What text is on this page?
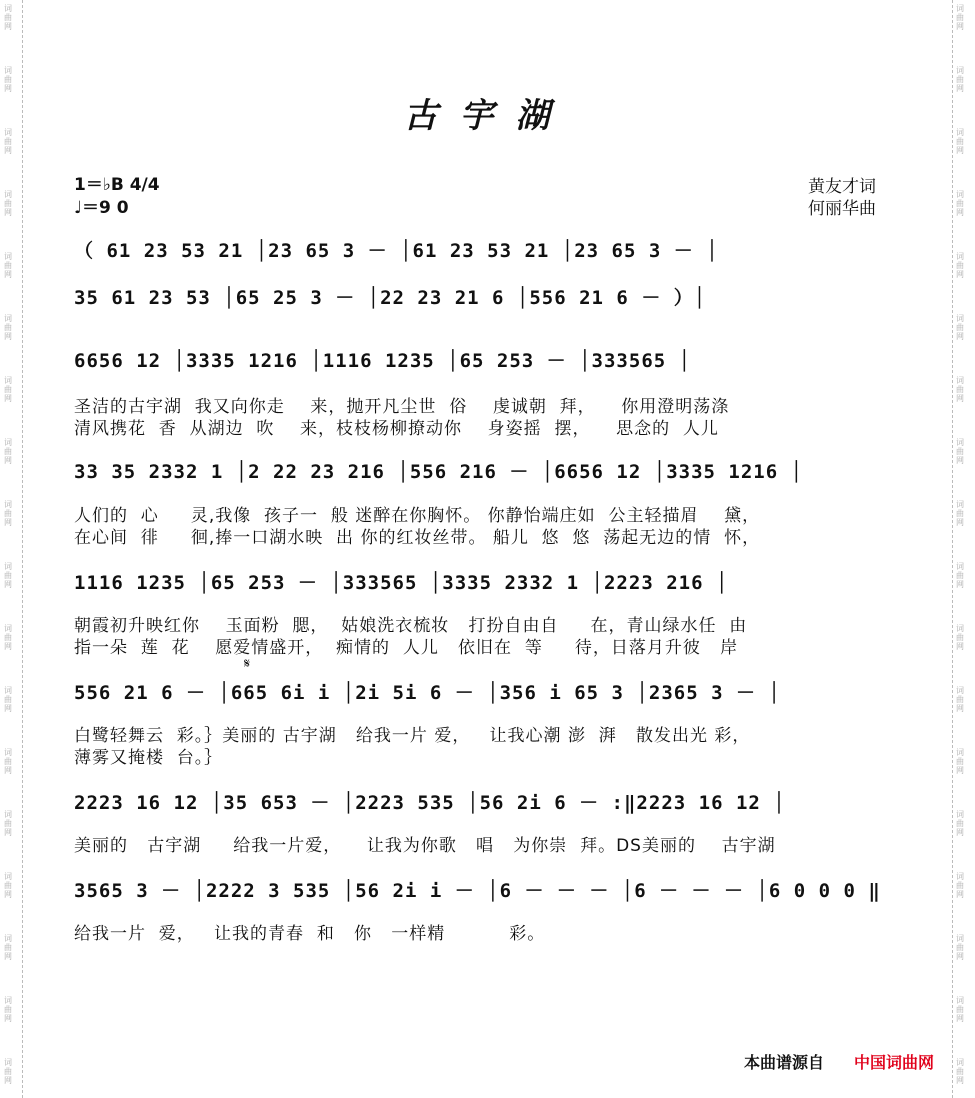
古宇湖
1＝♭B 4/4
♩＝9 0
黄友才词
何丽华曲
（ 61 23 53 21 │23 65 3 － │61 23 53 21 │23 65 3 － │
35 61 23 53 │65 25 3 － │22 23 21 6 │556 21 6 － ）│
6656 12 │3335 1216 │1116 1235 │65 253 － │333565 │
圣洁的古宇湖  我又向你走    来，抛开凡尘世  俗    虔诚朝  拜，    你用澄明荡涤
清风携花  香  从湖边  吹    来，枝枝杨柳撩动你    身姿摇  摆，    思念的  人儿
33 35 2332 1 │2 22 23 216 │556 216 － │6656 12 │3335 1216 │
人们的  心     灵,我像  孩子一  般 迷醉在你胸怀。 你静怡端庄如  公主轻描眉    黛，
在心间  徘     徊,捧一口湖水映  出 你的红妆丝带。 船儿  悠  悠  荡起无边的情  怀，
1116 1235 │65 253 － │333565 │3335 2332 1 │2223 216 │
朝霞初升映红你    玉面粉  腮，  姑娘洗衣梳妆   打扮自由自     在，青山绿水任  由
指一朵  莲  花    愿爱情盛开，  痴情的  人儿   依旧在  等     待，日落月升彼   岸
𝄋
556 21 6 － │665 6i i │2i 5i 6 － │356 i 65 3 │2365 3 － │
白鹭轻舞云  彩。｝美丽的 古宇湖   给我一片 爱，   让我心潮 澎  湃   散发出光 彩，
薄雾又掩楼  台。｝
2223 16 12 │35 653 － │2223 535 │56 2i 6 － :‖2223 16 12 │
美丽的   古宇湖     给我一片爱，    让我为你歌   唱   为你崇  拜。DS美丽的    古宇湖
3565 3 － │2222 3 535 │56 2i i － │6 － － － │6 － － － │6 0 0 0 ‖
给我一片  爱，   让我的青春  和   你   一样精          彩。
本曲谱源自 中国词曲网
词
曲
网
词
曲
网
词
曲
网
词
曲
网
词
曲
网
词
曲
网
词
曲
网
词
曲
网
词
曲
网
词
曲
网
词
曲
网
词
曲
网
词
曲
网
词
曲
网
词
曲
网
词
曲
网
词
曲
网
词
曲
网
词
曲
网
词
曲
网
词
曲
网
词
曲
网
词
曲
网
词
曲
网
词
曲
网
词
曲
网
词
曲
网
词
曲
网
词
曲
网
词
曲
网
词
曲
网
词
曲
网
词
曲
网
词
曲
网
词
曲
网
词
曲
网
